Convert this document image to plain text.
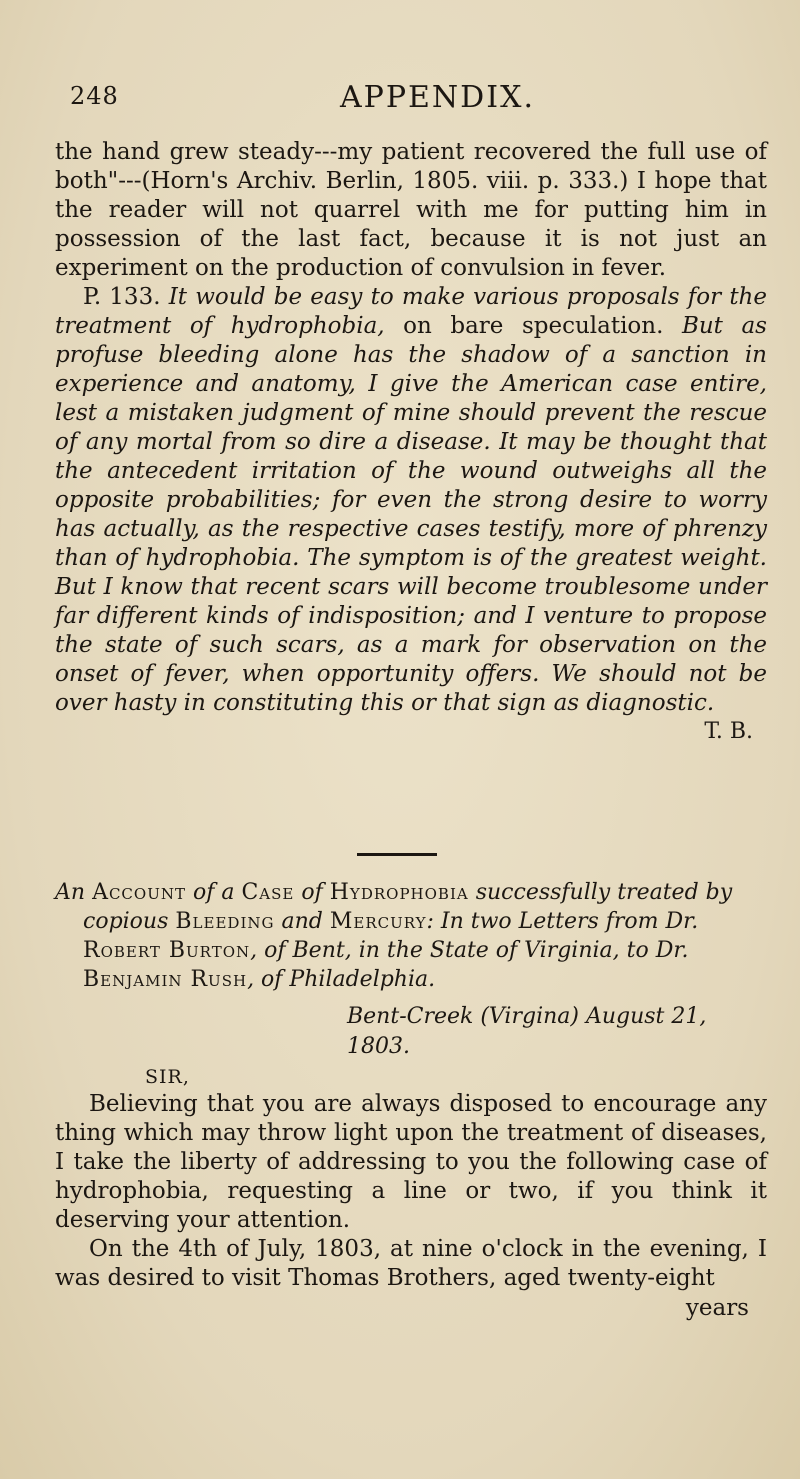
248	APPENDIX.

the hand grew steady---my patient recovered the full use of both"---(Horn's Archiv. Berlin, 1805. viii. p. 333.) I hope that the reader will not quarrel with me for putting him in possession of the last fact, because it is not just an experiment on the production of convulsion in fever.

P. 133. It would be easy to make various proposals for the treatment of hydrophobia, on bare speculation. But as profuse bleeding alone has the shadow of a sanction in experience and anatomy, I give the American case entire, lest a mistaken judgment of mine should prevent the rescue of any mortal from so dire a disease. It may be thought that the antecedent irritation of the wound outweighs all the opposite probabilities; for even the strong desire to worry has actually, as the respective cases testify, more of phrenzy than of hydrophobia. The symptom is of the greatest weight. But I know that recent scars will become troublesome under far different kinds of indisposition; and I venture to propose the state of such scars, as a mark for observation on the onset of fever, when opportunity offers. We should not be over hasty in constituting this or that sign as diagnostic.

T. B.

An Account of a Case of Hydrophobia successfully treated by copious Bleeding and Mercury: In two Letters from Dr. Robert Burton, of Bent, in the State of Virginia, to Dr. Benjamin Rush, of Philadelphia.

Bent-Creek (Virgina) August 21, 1803.

SIR,

Believing that you are always disposed to encourage any thing which may throw light upon the treatment of diseases, I take the liberty of addressing to you the following case of hydrophobia, requesting a line or two, if you think it deserving your attention.

On the 4th of July, 1803, at nine o'clock in the evening, I was desired to visit Thomas Brothers, aged twenty-eight

years
